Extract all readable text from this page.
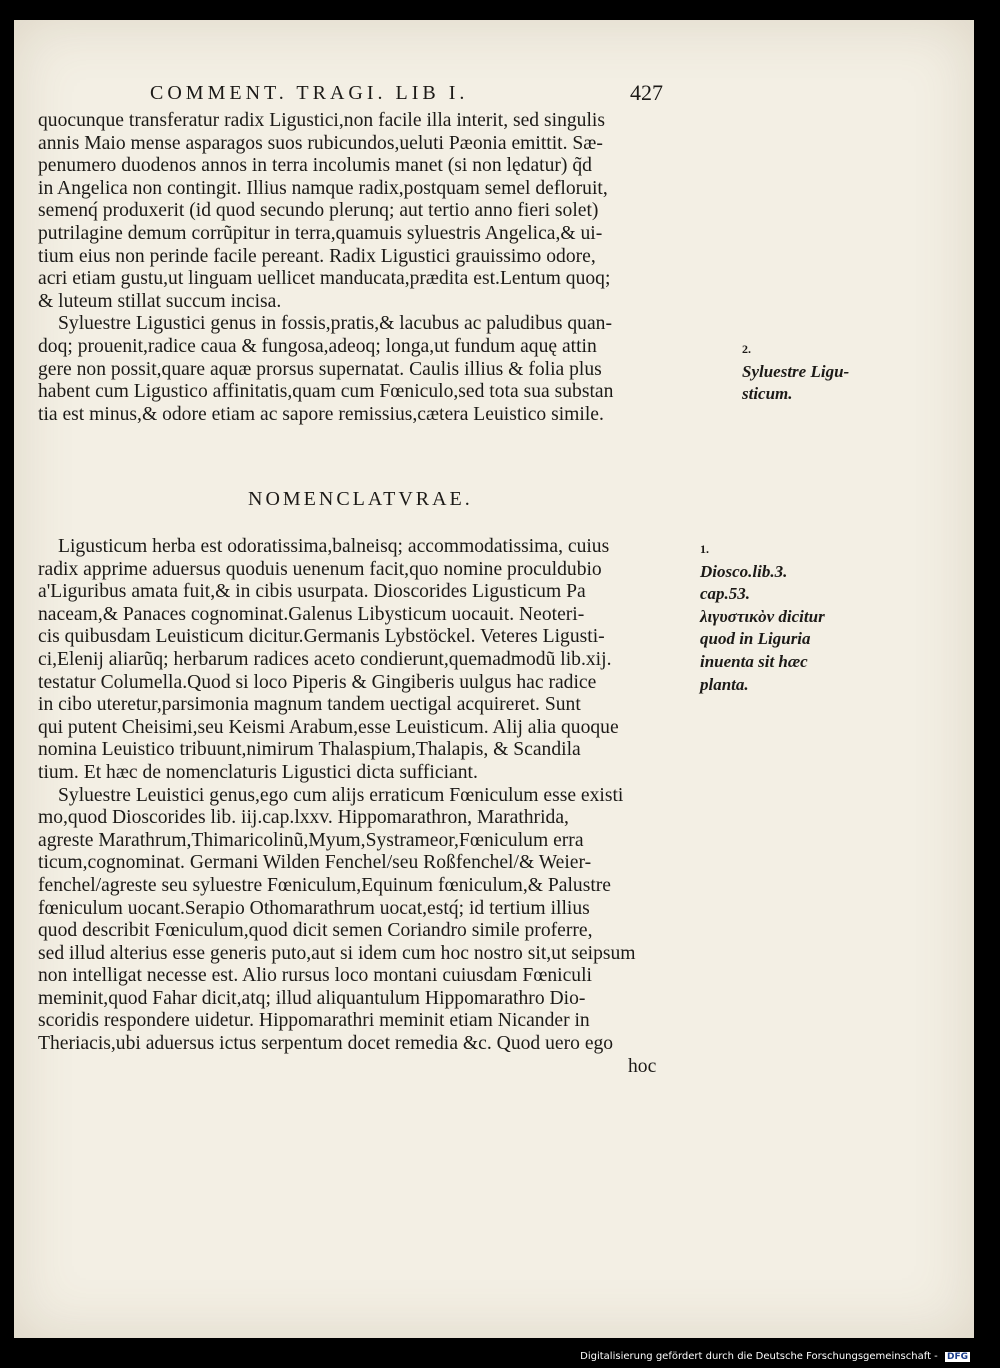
COMMENT. TRAGI. LIB I.	427
quocunque transferatur radix Ligustici,non facile illa interit, sed singulis
annis Maio mense asparagos suos rubicundos,ueluti Pæonia emittit. Sæ-
penumero duodenos annos in terra incolumis manet (si non lędatur) q̃d
in Angelica non contingit. Illius namque radix,postquam semel defloruit,
semenq́ produxerit (id quod secundo plerunq; aut tertio anno fieri solet)
putrilagine demum corrũpitur in terra,quamuis syluestris Angelica,& ui-
tium eius non perinde facile pereant. Radix Ligustici grauissimo odore,
acri etiam gustu,ut linguam uellicet manducata,prædita est.Lentum quoq;
& luteum stillat succum incisa.
Syluestre Ligustici genus in fossis,pratis,& lacubus ac paludibus quan-
doq; prouenit,radice caua & fungosa,adeoq; longa,ut fundum aquę attin
gere non possit,quare aquæ prorsus supernatat. Caulis illius & folia plus
habent cum Ligustico affinitatis,quam cum Fœniculo,sed tota sua substan
tia est minus,& odore etiam ac sapore remissius,cætera Leuistico simile.
NOMENCLATVRAE.
Ligusticum herba est odoratissima,balneisq; accommodatissima, cuius
radix apprime aduersus quoduis uenenum facit,quo nomine proculdubio
a'Liguribus amata fuit,& in cibis usurpata. Dioscorides Ligusticum Pa
naceam,& Panaces cognominat.Galenus Libysticum uocauit. Neoteri-
cis quibusdam Leuisticum dicitur.Germanis Lybstöckel. Veteres Ligusti-
ci,Elenij aliarũq; herbarum radices aceto condierunt,quemadmodũ lib.xij.
testatur Columella.Quod si loco Piperis & Gingiberis uulgus hac radice
in cibo uteretur,parsimonia magnum tandem uectigal acquireret. Sunt
qui putent Cheisimi,seu Keismi Arabum,esse Leuisticum. Alij alia quoque
nomina Leuistico tribuunt,nimirum Thalaspium,Thalapis, & Scandila
tium. Et hæc de nomenclaturis Ligustici dicta sufficiant.
Syluestre Leuistici genus,ego cum alijs erraticum Fœniculum esse existi
mo,quod Dioscorides lib. iij.cap.lxxv. Hippomarathron, Marathrida,
agreste Marathrum,Thimaricolinũ,Myum,Systrameor,Fœniculum erra
ticum,cognominat. Germani Wilden Fenchel/seu Roßfenchel/& Weier-
fenchel/agreste seu syluestre Fœniculum,Equinum fœniculum,& Palustre
fœniculum uocant.Serapio Othomarathrum uocat,estq́; id tertium illius
quod describit Fœniculum,quod dicit semen Coriandro simile proferre,
sed illud alterius esse generis puto,aut si idem cum hoc nostro sit,ut seipsum
non intelligat necesse est. Alio rursus loco montani cuiusdam Fœniculi
meminit,quod Fahar dicit,atq; illud aliquantulum Hippomarathro Dio-
scoridis respondere uidetur. Hippomarathri meminit etiam Nicander in
Theriacis,ubi aduersus ictus serpentum docet remedia &c. Quod uero ego
hoc
2.
Syluestre Ligu-
sticum.
1.
Diosco.lib.3.
cap.53.
λιγυστικὸν dicitur
quod in Liguria
inuenta sit hæc
planta.
Digitalisierung gefördert durch die Deutsche Forschungsgemeinschaft - DFG
